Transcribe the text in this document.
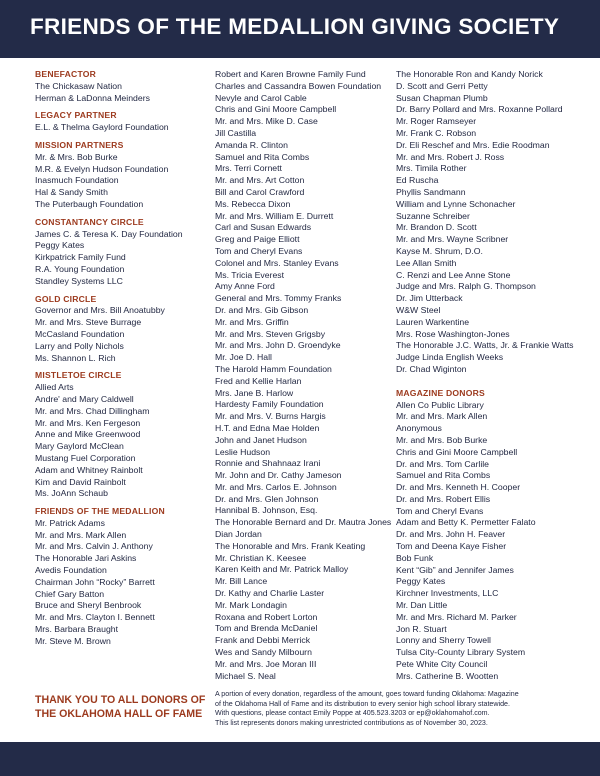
FRIENDS OF THE MEDALLION GIVING SOCIETY
BENEFACTOR
The Chickasaw Nation
Herman & LaDonna Meinders
LEGACY PARTNER
E.L. & Thelma Gaylord Foundation
MISSION PARTNERS
Mr. & Mrs. Bob Burke
M.R. & Evelyn Hudson Foundation
Inasmuch Foundation
Hal & Sandy Smith
The Puterbaugh Foundation
CONSTANTANCY CIRCLE
James C. & Teresa K. Day Foundation
Peggy Kates
Kirkpatrick Family Fund
R.A. Young Foundation
Standley Systems LLC
GOLD CIRCLE
Governor and Mrs. Bill Anoatubby
Mr. and Mrs. Steve Burrage
McCasland Foundation
Larry and Polly Nichols
Ms. Shannon L. Rich
MISTLETOE CIRCLE
Allied Arts
Andre' and Mary Caldwell
Mr. and Mrs. Chad Dillingham
Mr. and Mrs. Ken Fergeson
Anne and Mike Greenwood
Mary Gaylord McClean
Mustang Fuel Corporation
Adam and Whitney Rainbolt
Kim and David Rainbolt
Ms. JoAnn Schaub
FRIENDS OF THE MEDALLION
Mr. Patrick Adams
Mr. and Mrs. Mark Allen
Mr. and Mrs. Calvin J. Anthony
The Honorable Jari Askins
Avedis Foundation
Chairman John “Rocky” Barrett
Chief Gary Batton
Bruce and Sheryl Benbrook
Mr. and Mrs. Clayton I. Bennett
Mrs. Barbara Braught
Mr. Steve M. Brown
Robert and Karen Browne Family Fund
Charles and Cassandra Bowen Foundation
Nevyle and Carol Cable
Chris and Gini Moore Campbell
Mr. and Mrs. Mike D. Case
Jill Castilla
Amanda R. Clinton
Samuel and Rita Combs
Mrs. Terri Cornett
Mr. and Mrs. Art Cotton
Bill and Carol Crawford
Ms. Rebecca Dixon
Mr. and Mrs. William E. Durrett
Carl and Susan Edwards
Greg and Paige Elliott
Tom and Cheryl Evans
Colonel and Mrs. Stanley Evans
Ms. Tricia Everest
Amy Anne Ford
General and Mrs. Tommy Franks
Dr. and Mrs. Gib Gibson
Mr. and Mrs. Griffin
Mr. and Mrs. Steven Grigsby
Mr. and Mrs. John D. Groendyke
Mr. Joe D. Hall
The Harold Hamm Foundation
Fred and Kellie Harlan
Mrs. Jane B. Harlow
Hardesty Family Foundation
Mr. and Mrs. V. Burns Hargis
H.T. and Edna Mae Holden
John and Janet Hudson
Leslie Hudson
Ronnie and Shahnaaz Irani
Mr. John and Dr. Cathy Jameson
Mr. and Mrs. Carlos E. Johnson
Dr. and Mrs. Glen Johnson
Hannibal B. Johnson, Esq.
The Honorable Bernard and Dr. Mautra Jones
Dian Jordan
The Honorable and Mrs. Frank Keating
Mr. Christian K. Keesee
Karen Keith and Mr. Patrick Malloy
Mr. Bill Lance
Dr. Kathy and Charlie Laster
Mr. Mark Londagin
Roxana and Robert Lorton
Tom and Brenda McDaniel
Frank and Debbi Merrick
Wes and Sandy Milbourn
Mr. and Mrs. Joe Moran III
Michael S. Neal
The Honorable Ron and Kandy Norick
D. Scott and Gerri Petty
Susan Chapman Plumb
Dr. Barry Pollard and Mrs. Roxanne Pollard
Mr. Roger Ramseyer
Mr. Frank C. Robson
Dr. Eli Reschef and Mrs. Edie Roodman
Mr. and Mrs. Robert J. Ross
Mrs. Timila Rother
Ed Ruscha
Phyllis Sandmann
William and Lynne Schonacher
Suzanne Schreiber
Mr. Brandon D. Scott
Mr. and Mrs. Wayne Scribner
Kayse M. Shrum, D.O.
Lee Allan Smith
C. Renzi and Lee Anne Stone
Judge and Mrs. Ralph G. Thompson
Dr. Jim Utterback
W&W Steel
Lauren Warkentine
Mrs. Rose Washington-Jones
The Honorable J.C. Watts, Jr. & Frankie Watts
Judge Linda English Weeks
Dr. Chad Wiginton
MAGAZINE DONORS
Allen Co Public Library
Mr. and Mrs. Mark Allen
Anonymous
Mr. and Mrs. Bob Burke
Chris and Gini Moore Campbell
Dr. and Mrs. Tom Carlile
Samuel and Rita Combs
Dr. and Mrs. Kenneth H. Cooper
Dr. and Mrs. Robert Ellis
Tom and Cheryl Evans
Adam and Betty K. Permetter Falato
Dr. and Mrs. John H. Feaver
Tom and Deena Kaye Fisher
Bob Funk
Kent “Gib” and Jennifer James
Peggy Kates
Kirchner Investments, LLC
Mr. Dan Little
Mr. and Mrs. Richard M. Parker
Jon R. Stuart
Lonny and Sherry Towell
Tulsa City-County Library System
Pete White City Council
Mrs. Catherine B. Wootten
THANK YOU TO ALL DONORS OF
THE OKLAHOMA HALL OF FAME
A portion of every donation, regardless of the amount, goes toward funding Oklahoma: Magazine
of the Oklahoma Hall of Fame and its distribution to every senior high school library statewide.
With questions, please contact Emily Poppe at 405.523.3203 or ep@oklahomahof.com.
This list represents donors making unrestricted contributions as of November 30, 2023.
